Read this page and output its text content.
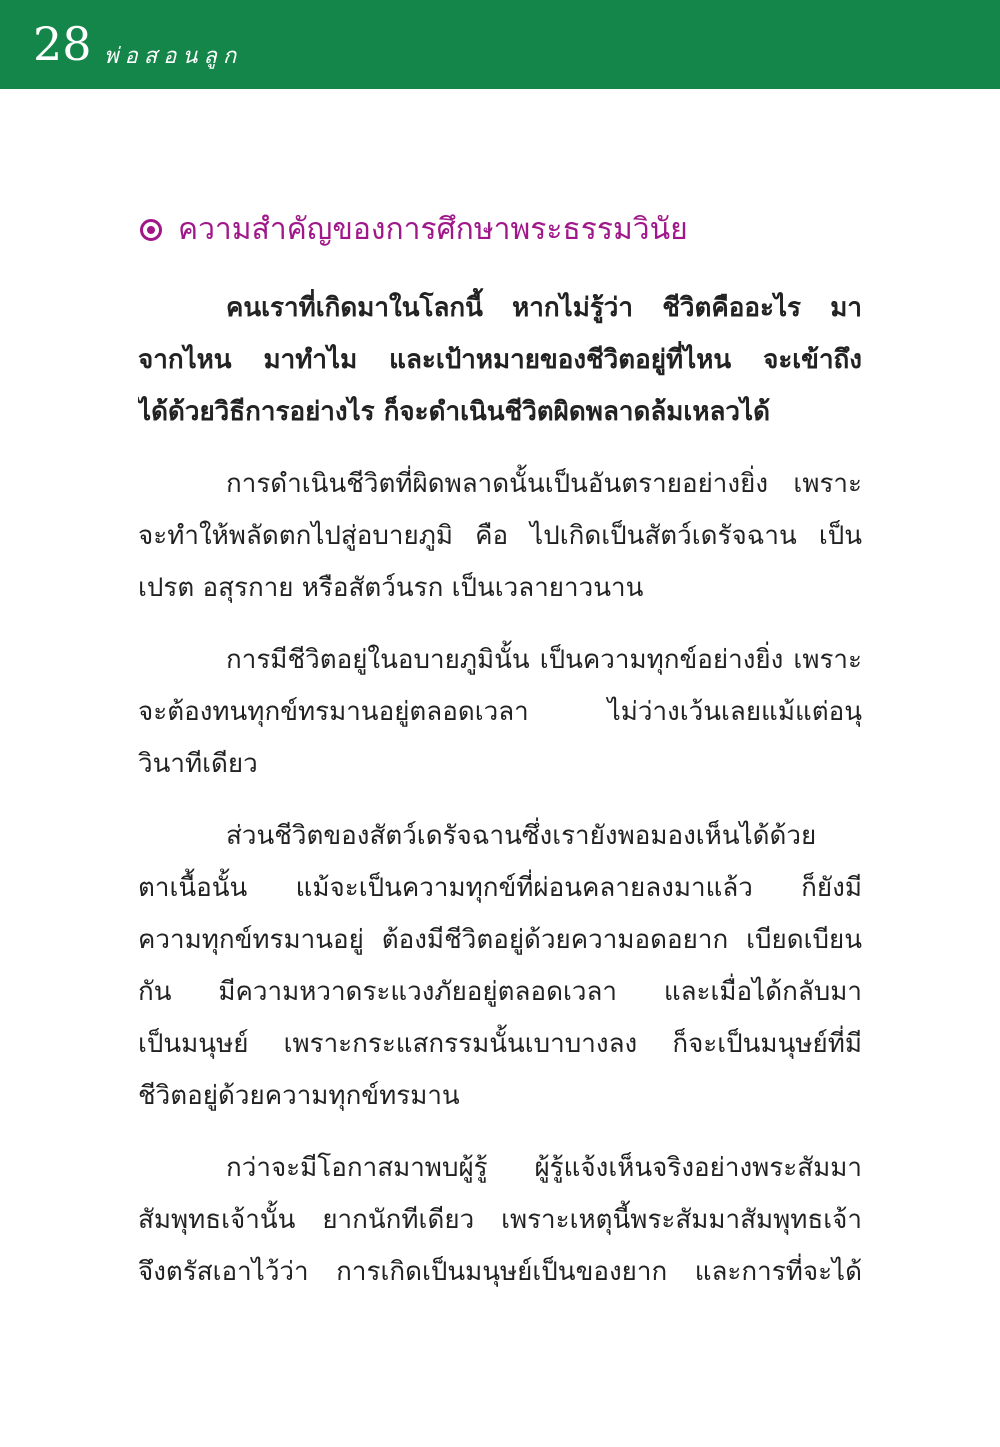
28 พ่อสอนลูก
ความสำคัญของการศึกษาพระธรรมวินัย
คนเราที่เกิดมาในโลกนี้ หากไม่รู้ว่า ชีวิตคืออะไร มา
จากไหน มาทำไม และเป้าหมายของชีวิตอยู่ที่ไหน จะเข้าถึง
ได้ด้วยวิธีการอย่างไร ก็จะดำเนินชีวิตผิดพลาดล้มเหลวได้
การดำเนินชีวิตที่ผิดพลาดนั้นเป็นอันตรายอย่างยิ่ง เพราะ
จะทำให้พลัดตกไปสู่อบายภูมิ คือ ไปเกิดเป็นสัตว์เดรัจฉาน เป็น
เปรต อสุรกาย หรือสัตว์นรก เป็นเวลายาวนาน
การมีชีวิตอยู่ในอบายภูมินั้น เป็นความทุกข์อย่างยิ่ง เพราะ
จะต้องทนทุกข์ทรมานอยู่ตลอดเวลา ไม่ว่างเว้นเลยแม้แต่อนุ
วินาทีเดียว
ส่วนชีวิตของสัตว์เดรัจฉานซึ่งเรายังพอมองเห็นได้ด้วย
ตาเนื้อนั้น แม้จะเป็นความทุกข์ที่ผ่อนคลายลงมาแล้ว ก็ยังมี
ความทุกข์ทรมานอยู่ ต้องมีชีวิตอยู่ด้วยความอดอยาก เบียดเบียน
กัน มีความหวาดระแวงภัยอยู่ตลอดเวลา และเมื่อได้กลับมา
เป็นมนุษย์ เพราะกระแสกรรมนั้นเบาบางลง ก็จะเป็นมนุษย์ที่มี
ชีวิตอยู่ด้วยความทุกข์ทรมาน
กว่าจะมีโอกาสมาพบผู้รู้ ผู้รู้แจ้งเห็นจริงอย่างพระสัมมา
สัมพุทธเจ้านั้น ยากนักทีเดียว เพราะเหตุนี้พระสัมมาสัมพุทธเจ้า
จึงตรัสเอาไว้ว่า การเกิดเป็นมนุษย์เป็นของยาก และการที่จะได้
